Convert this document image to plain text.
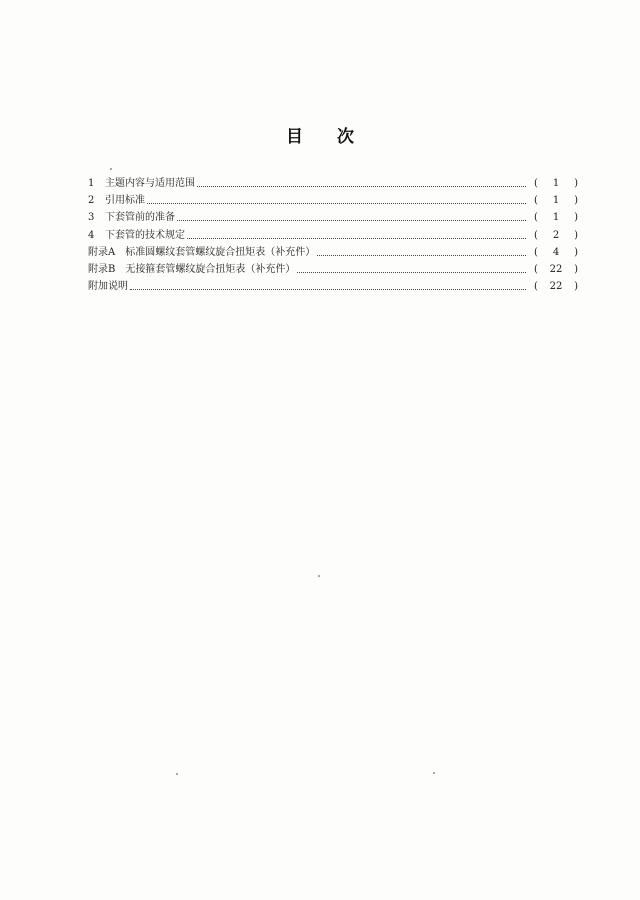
目 次
1	主题内容与适用范围	(	1	)
2	引用标准	(	1	)
3	下套管前的准备	(	1	)
4	下套管的技术规定	(	2	)
附录A 标准圆螺纹套管螺纹旋合扭矩表（补充件）	(	4	)
附录B 无接箍套管螺纹旋合扭矩表（补充件）	(	22	)
附加说明	(	22	)
